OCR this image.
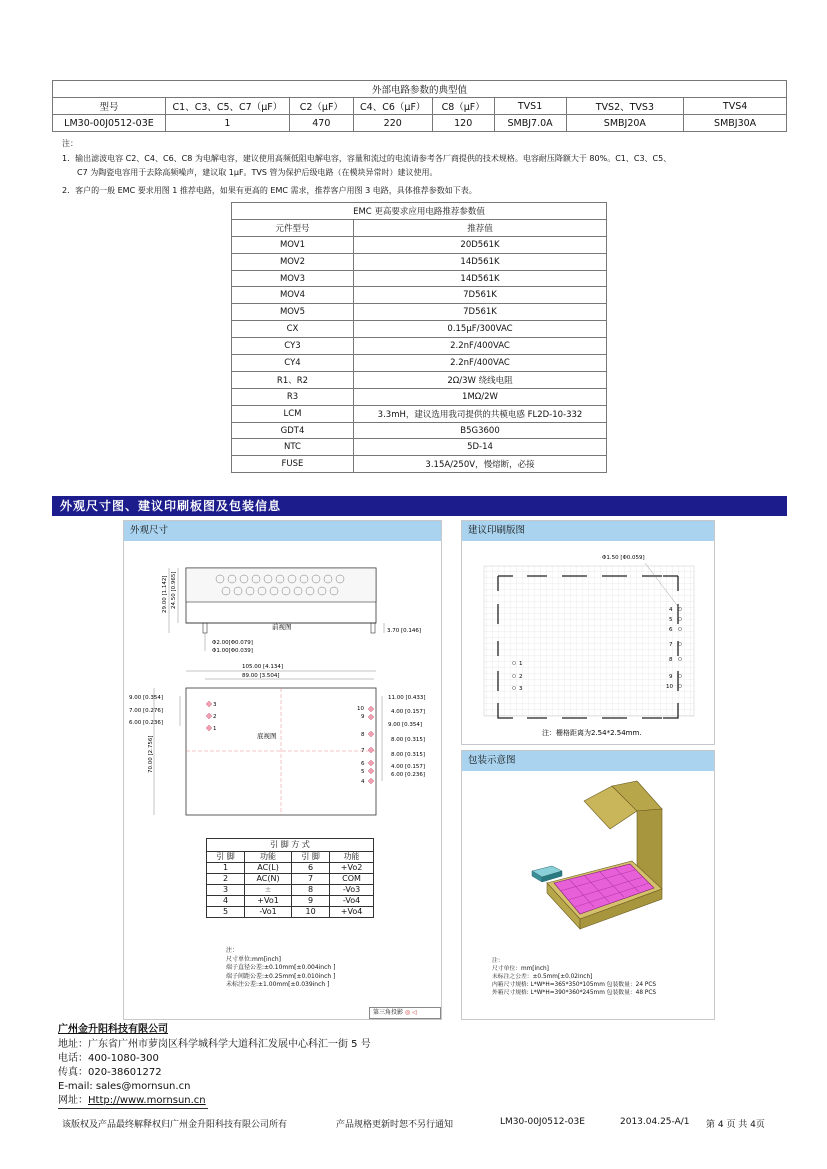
外部电路参数的典型值							
型号	C1、C3、C5、C7（μF）	C2（μF）	C4、C6（μF）	C8（μF）	TVS1	TVS2、TVS3	TVS4
LM30-00J0512-03E	1	470	220	120	SMBJ7.0A	SMBJ20A	SMBJ30A
注：
1．输出滤波电容 C2、C4、C6、C8 为电解电容，建议使用高频低阻电解电容，容量和流过的电流请参考各厂商提供的技术规格。电容耐压降额大于 80%。C1、C3、C5、
C7 为陶瓷电容用于去除高频噪声，建议取 1μF。TVS 管为保护后级电路（在模块异常时）建议使用。
2．客户的一般 EMC 要求用图 1 推荐电路，如果有更高的 EMC 需求，推荐客户用图 3 电路，具体推荐参数如下表。
EMC 更高要求应用电路推荐参数值	
元件型号	推荐值
MOV1	20D561K
MOV2	14D561K
MOV3	14D561K
MOV4	7D561K
MOV5	7D561K
CX	0.15μF/300VAC
CY3	2.2nF/400VAC
CY4	2.2nF/400VAC
R1、R2	2Ω/3W 绕线电阻
R3	1MΩ/2W
LCM	3.3mH，建议选用我司提供的共模电感 FL2D-10-332
GDT4	B5G3600
NTC	5D-14
FUSE	3.15A/250V，慢熔断，必接
外观尺寸图、建议印刷板图及包装信息
外观尺寸
29.00 [1.142] 24.50 [0.965]
前视图	3.70 [0.146]
Φ2.00[Φ0.079]
Φ1.00[Φ0.039]
105.00 [4.134]
89.00 [3.504]
9.00 [0.354]
7.00 [0.276]
6.00 [0.236]
70.00 [2.756]
3
2
1
底视图
10
9
8
7
6
5
4
11.00 [0.433]
4.00 [0.157]
9.00 [0.354]
8.00 [0.315]
8.00 [0.315]
4.00 [0.157]
6.00 [0.236]
引 脚 方 式			
引 脚	功能	引 脚	功能
1	AC(L)	6	+Vo2
2	AC(N)	7	COM
3	±	8	-Vo3
4	+Vo1	9	-Vo4
5	-Vo1	10	+Vo4
注：
尺寸单位:mm[inch]
端子直径公差:±0.10mm[±0.004inch ]
端子间距公差:±0.25mm[±0.010inch ]
未标注公差:±1.00mm[±0.039inch ]
第三角投影 ◎ ◁
建议印刷版图
Φ1.50 [Φ0.059]
1
2
3
4
5
6
7
8
9
10
注：栅格距离为2.54*2.54mm.
包装示意图
注：
尺寸单位：mm[inch]
未标注之公差：±0.5mm[±0.02inch]
内箱尺寸规格: L*W*H=365*350*105mm 包装数量：24 PCS
外箱尺寸规格: L*W*H=390*360*245mm 包装数量：48 PCS
广州金升阳科技有限公司
地址：广东省广州市萝岗区科学城科学大道科汇发展中心科汇一街 5 号
电话：400-1080-300
传真：020-38601272
E-mail: sales@mornsun.cn
网址：Http://www.mornsun.cn
该版权及产品最终解释权归广州金升阳科技有限公司所有	产品规格更新时恕不另行通知	LM30-00J0512-03E	2013.04.25-A/1 第 4 页 共 4页
